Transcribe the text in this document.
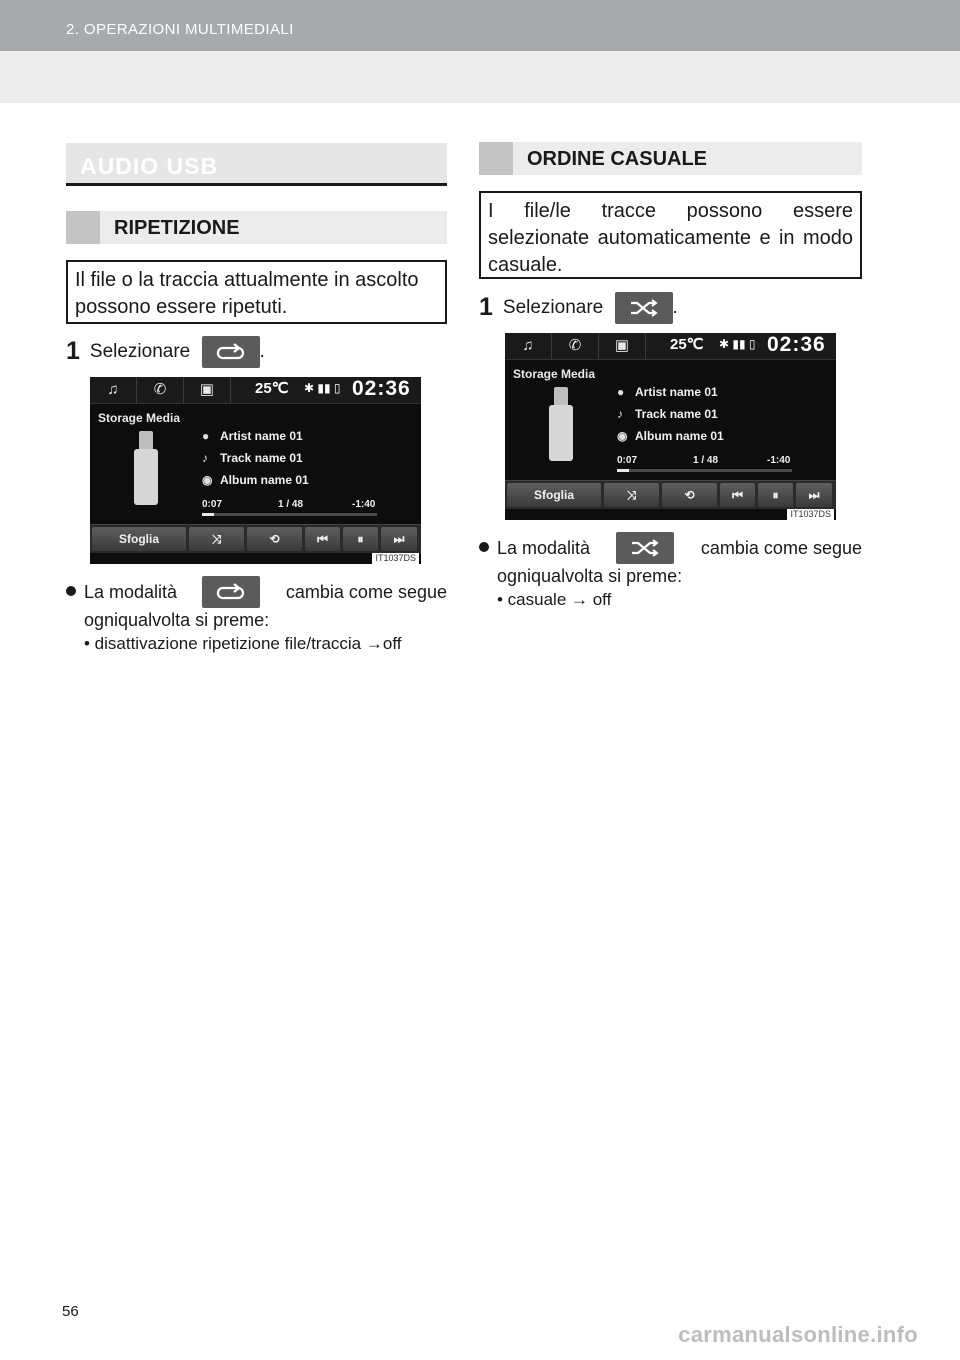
2. OPERAZIONI MULTIMEDIALI
AUDIO USB
RIPETIZIONE
Il file o la traccia attualmente in ascolto possono essere ripetuti.
1 Selezionare	.
♫	✆	▣	25℃ ✱ ▮▮ ▯ 02:36
Storage Media
● Artist name 01
♪ Track name 01
◉ Album name 01
0:07	1 / 48	-1:40
Sfoglia	⤨	⟲	⏮	⏸	⏭
IT1037DS
La modalità	cambia come segue
ogniqualvolta si preme:
• disattivazione ripetizione file/traccia →off
ORDINE CASUALE
I file/le tracce possono essere selezionate automaticamente e in modo casuale.
1 Selezionare	.
♫	✆	▣	25℃ ✱ ▮▮ ▯ 02:36
Storage Media
● Artist name 01
♪ Track name 01
◉ Album name 01
0:07	1 / 48	-1:40
Sfoglia	⤨	⟲	⏮	⏸	⏭
IT1037DS
La modalità	cambia come segue
ogniqualvolta si preme:
• casuale → off
56
carmanualsonline.info
